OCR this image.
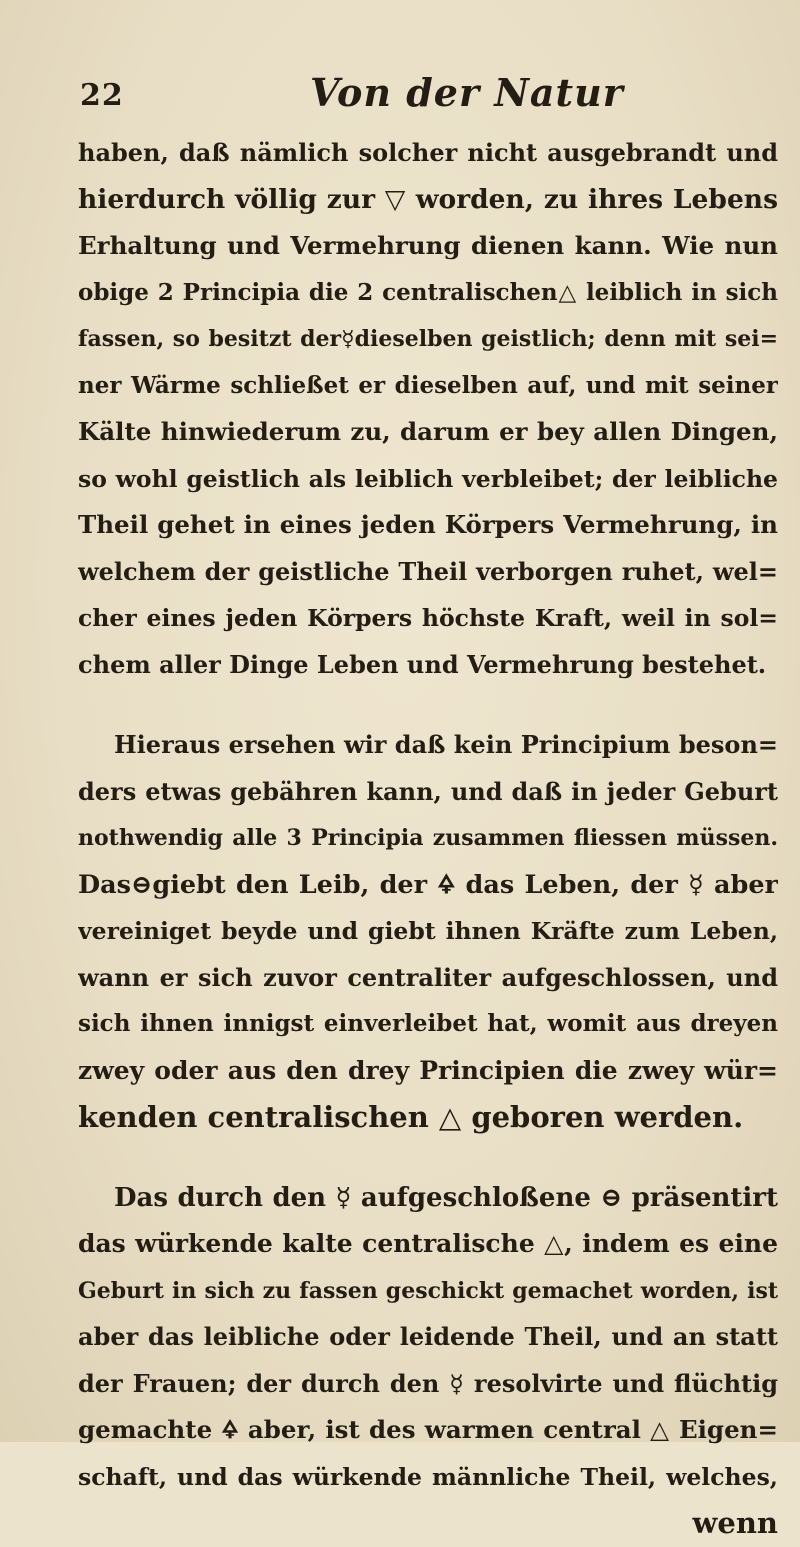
22	Von der Natur
haben, daß nämlich solcher nicht ausgebrandt und
hierdurch völlig zur ▽ worden, zu ihres Lebens
Erhaltung und Vermehrung dienen kann. Wie nun
obige 2 Principia die 2 centralischen△ leiblich in sich
fassen, so besitzt der☿dieselben geistlich; denn mit sei=
ner Wärme schließet er dieselben auf, und mit seiner
Kälte hinwiederum zu, darum er bey allen Dingen,
so wohl geistlich als leiblich verbleibet; der leibliche
Theil gehet in eines jeden Körpers Vermehrung, in
welchem der geistliche Theil verborgen ruhet, wel=
cher eines jeden Körpers höchste Kraft, weil in sol=
chem aller Dinge Leben und Vermehrung bestehet.
Hieraus ersehen wir daß kein Principium beson=
ders etwas gebähren kann, und daß in jeder Geburt
nothwendig alle 3 Principia zusammen fliessen müssen.
Das⊖giebt den Leib, der 🜍 das Leben, der ☿ aber
vereiniget beyde und giebt ihnen Kräfte zum Leben,
wann er sich zuvor centraliter aufgeschlossen, und
sich ihnen innigst einverleibet hat, womit aus dreyen
zwey oder aus den drey Principien die zwey wür=
kenden centralischen △ geboren werden.
Das durch den ☿ aufgeschloßene ⊖ präsentirt
das würkende kalte centralische △, indem es eine
Geburt in sich zu fassen geschickt gemachet worden, ist
aber das leibliche oder leidende Theil, und an statt
der Frauen; der durch den ☿ resolvirte und flüchtig
gemachte 🜍 aber, ist des warmen central △ Eigen=
schaft, und das würkende männliche Theil, welches,
wenn
